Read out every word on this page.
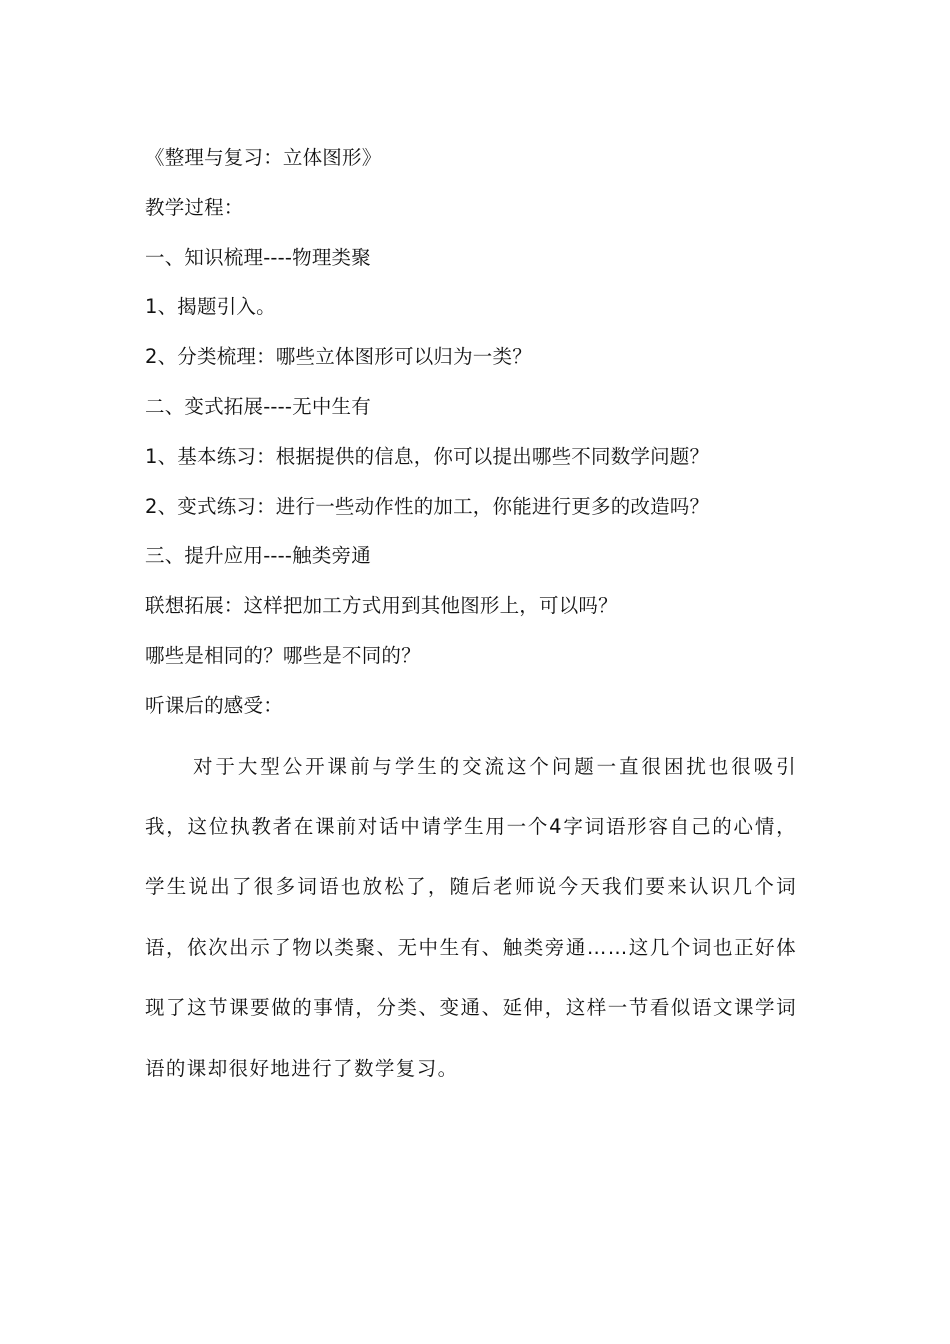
《整理与复习：立体图形》
教学过程：
一、知识梳理----物理类聚
1、揭题引入。
2、分类梳理：哪些立体图形可以归为一类？
二、变式拓展----无中生有
1、基本练习：根据提供的信息，你可以提出哪些不同数学问题？
2、变式练习：进行一些动作性的加工，你能进行更多的改造吗？
三、提升应用----触类旁通
联想拓展：这样把加工方式用到其他图形上，可以吗？
哪些是相同的？哪些是不同的？
听课后的感受：
对于大型公开课前与学生的交流这个问题一直很困扰也很吸引我，这位执教者在课前对话中请学生用一个4字词语形容自己的心情，学生说出了很多词语也放松了，随后老师说今天我们要来认识几个词语，依次出示了物以类聚、无中生有、触类旁通……这几个词也正好体现了这节课要做的事情，分类、变通、延伸，这样一节看似语文课学词语的课却很好地进行了数学复习。
